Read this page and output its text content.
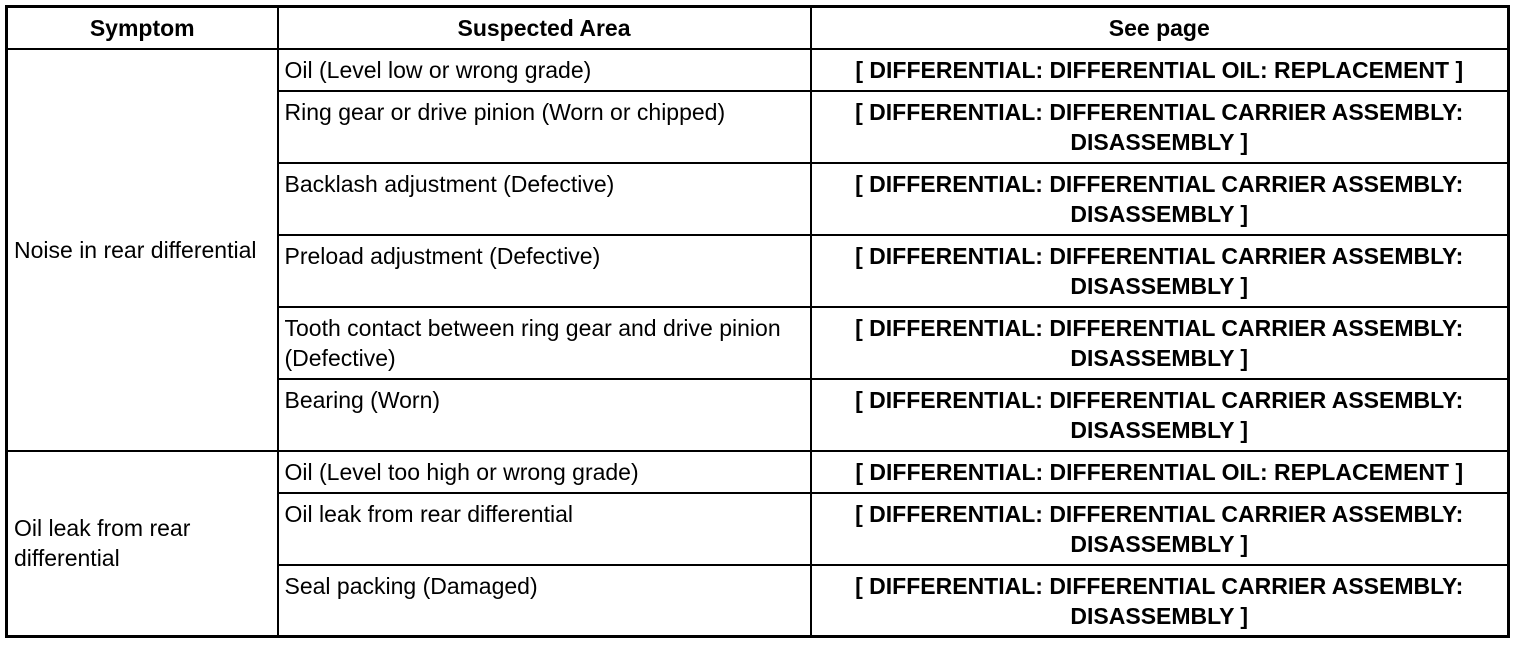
Symptom	Suspected Area	See page
Noise in rear differential	Oil (Level low or wrong grade)	[ DIFFERENTIAL: DIFFERENTIAL OIL: REPLACEMENT ]
	Ring gear or drive pinion (Worn or chipped)	[ DIFFERENTIAL: DIFFERENTIAL CARRIER ASSEMBLY: DISASSEMBLY ]
	Backlash adjustment (Defective)	[ DIFFERENTIAL: DIFFERENTIAL CARRIER ASSEMBLY: DISASSEMBLY ]
	Preload adjustment (Defective)	[ DIFFERENTIAL: DIFFERENTIAL CARRIER ASSEMBLY: DISASSEMBLY ]
	Tooth contact between ring gear and drive pinion (Defective)	[ DIFFERENTIAL: DIFFERENTIAL CARRIER ASSEMBLY: DISASSEMBLY ]
	Bearing (Worn)	[ DIFFERENTIAL: DIFFERENTIAL CARRIER ASSEMBLY: DISASSEMBLY ]
Oil leak from rear differential	Oil (Level too high or wrong grade)	[ DIFFERENTIAL: DIFFERENTIAL OIL: REPLACEMENT ]
	Oil leak from rear differential	[ DIFFERENTIAL: DIFFERENTIAL CARRIER ASSEMBLY: DISASSEMBLY ]
	Seal packing (Damaged)	[ DIFFERENTIAL: DIFFERENTIAL CARRIER ASSEMBLY: DISASSEMBLY ]
